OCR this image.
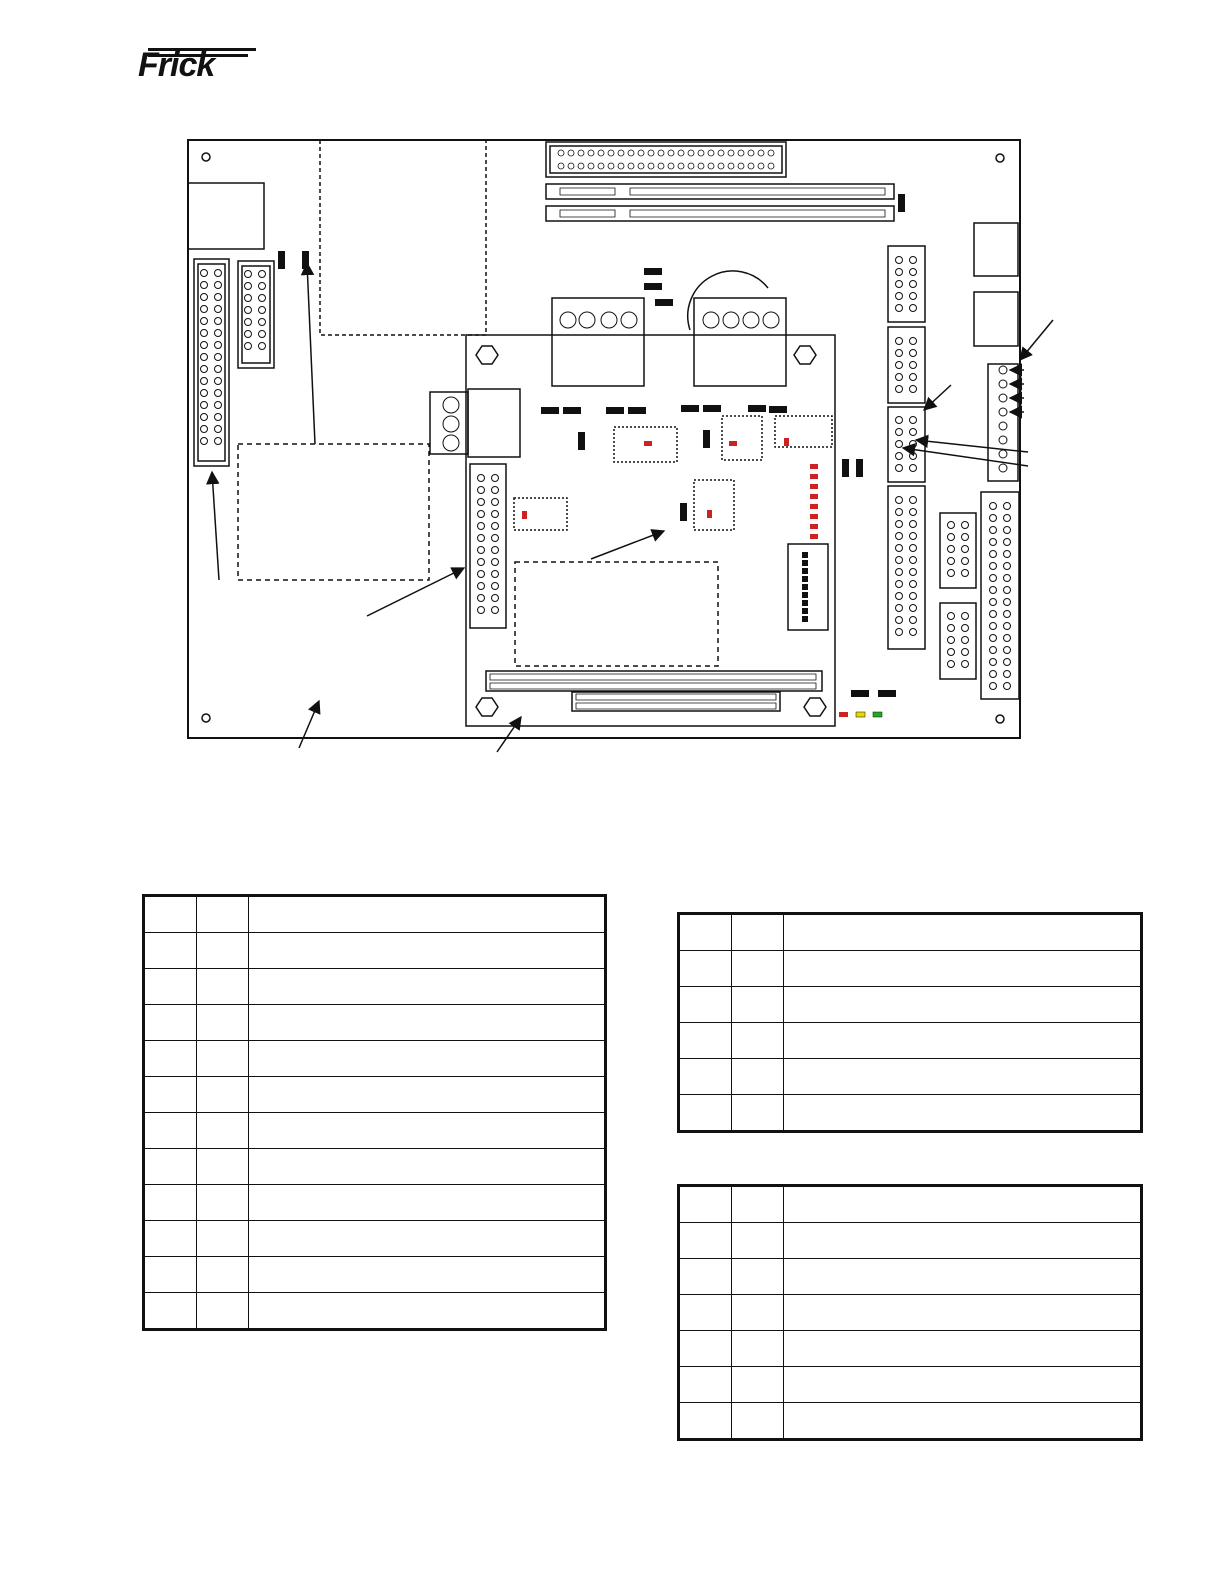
Frick
